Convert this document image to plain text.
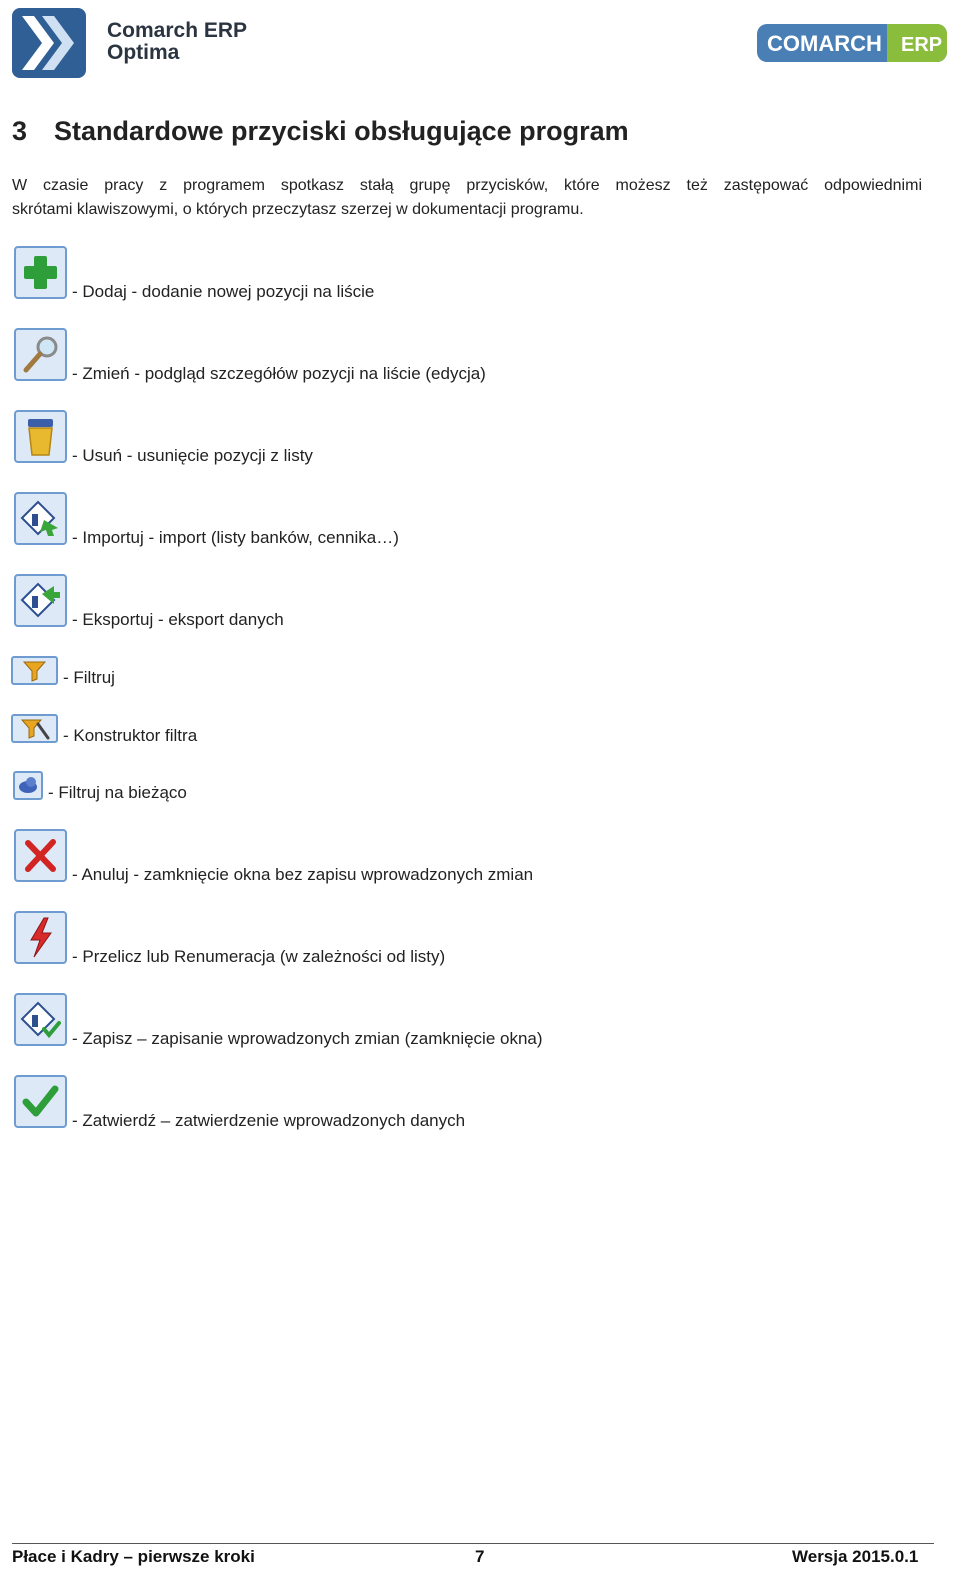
Comarch ERP
Optima	COMARCH ERP
3 Standardowe przyciski obsługujące program
W czasie pracy z programem spotkasz stałą grupę przycisków, które możesz też zastępować odpowiednimi
skrótami klawiszowymi, o których przeczytasz szerzej w dokumentacji programu.
- Dodaj - dodanie nowej pozycji na liście
- Zmień - podgląd szczegółów pozycji na liście (edycja)
- Usuń - usunięcie pozycji z listy
- Importuj - import (listy banków, cennika…)
- Eksportuj - eksport danych
- Filtruj
- Konstruktor filtra
- Filtruj na bieżąco
- Anuluj - zamknięcie okna bez zapisu wprowadzonych zmian
- Przelicz lub Renumeracja (w zależności od listy)
- Zapisz – zapisanie wprowadzonych zmian (zamknięcie okna)
- Zatwierdź – zatwierdzenie wprowadzonych danych
Płace i Kadry – pierwsze kroki	7	Wersja 2015.0.1
